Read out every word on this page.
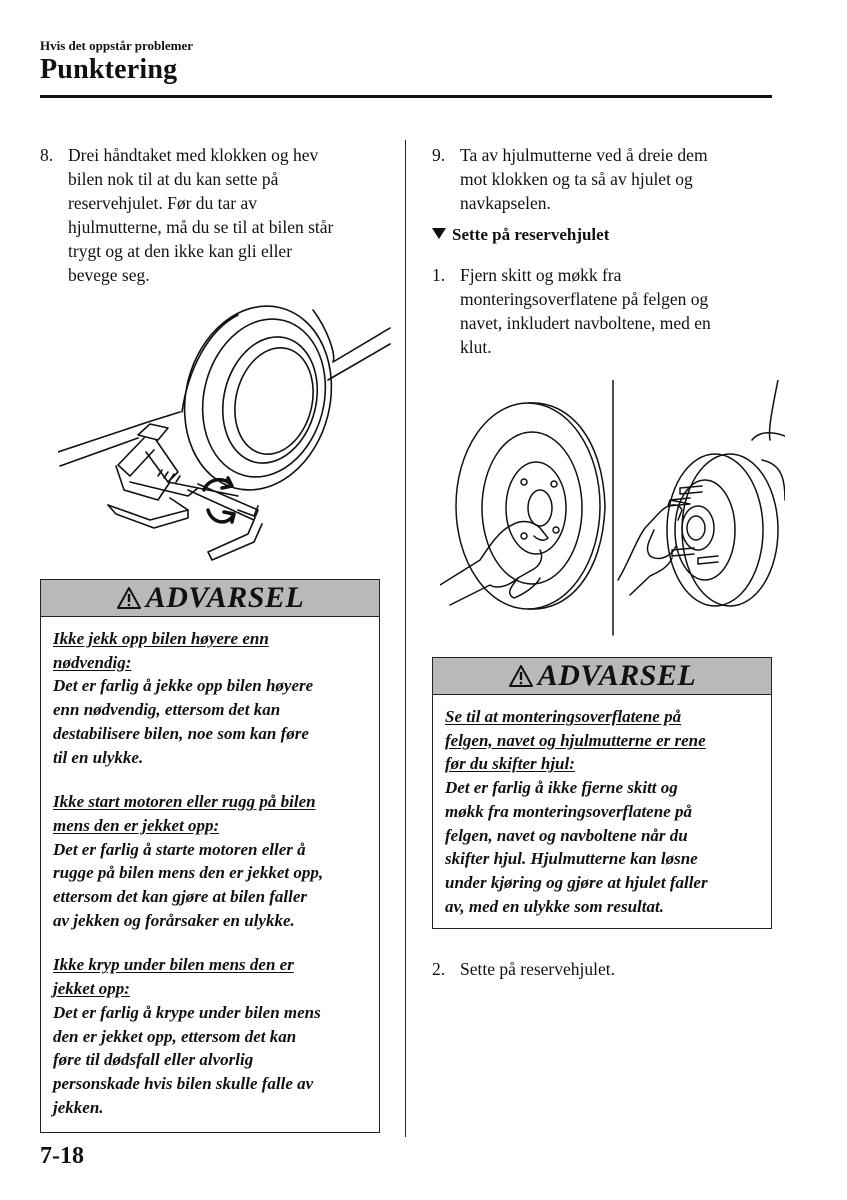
Hvis det oppstår problemer
Punktering
8. Drei håndtaket med klokken og hev
bilen nok til at du kan sette på
reservehjulet. Før du tar av
hjulmutterne, må du se til at bilen står
trygt og at den ikke kan gli eller
bevege seg.
ADVARSEL

Ikke jekk opp bilen høyere enn
nødvendig:
Det er farlig å jekke opp bilen høyere
enn nødvendig, ettersom det kan
destabilisere bilen, noe som kan føre
til en ulykke.

Ikke start motoren eller rugg på bilen
mens den er jekket opp:
Det er farlig å starte motoren eller å
rugge på bilen mens den er jekket opp,
ettersom det kan gjøre at bilen faller
av jekken og forårsaker en ulykke.

Ikke kryp under bilen mens den er
jekket opp:
Det er farlig å krype under bilen mens
den er jekket opp, ettersom det kan
føre til dødsfall eller alvorlig
personskade hvis bilen skulle falle av
jekken.

9. Ta av hjulmutterne ved å dreie dem
mot klokken og ta så av hjulet og
navkapselen.
Sette på reservehjulet
1. Fjern skitt og møkk fra
monteringsoverflatene på felgen og
navet, inkludert navboltene, med en
klut.
ADVARSEL

Se til at monteringsoverflatene på
felgen, navet og hjulmutterne er rene
før du skifter hjul:
Det er farlig å ikke fjerne skitt og
møkk fra monteringsoverflatene på
felgen, navet og navboltene når du
skifter hjul. Hjulmutterne kan løsne
under kjøring og gjøre at hjulet faller
av, med en ulykke som resultat.

2. Sette på reservehjulet.
7-18
